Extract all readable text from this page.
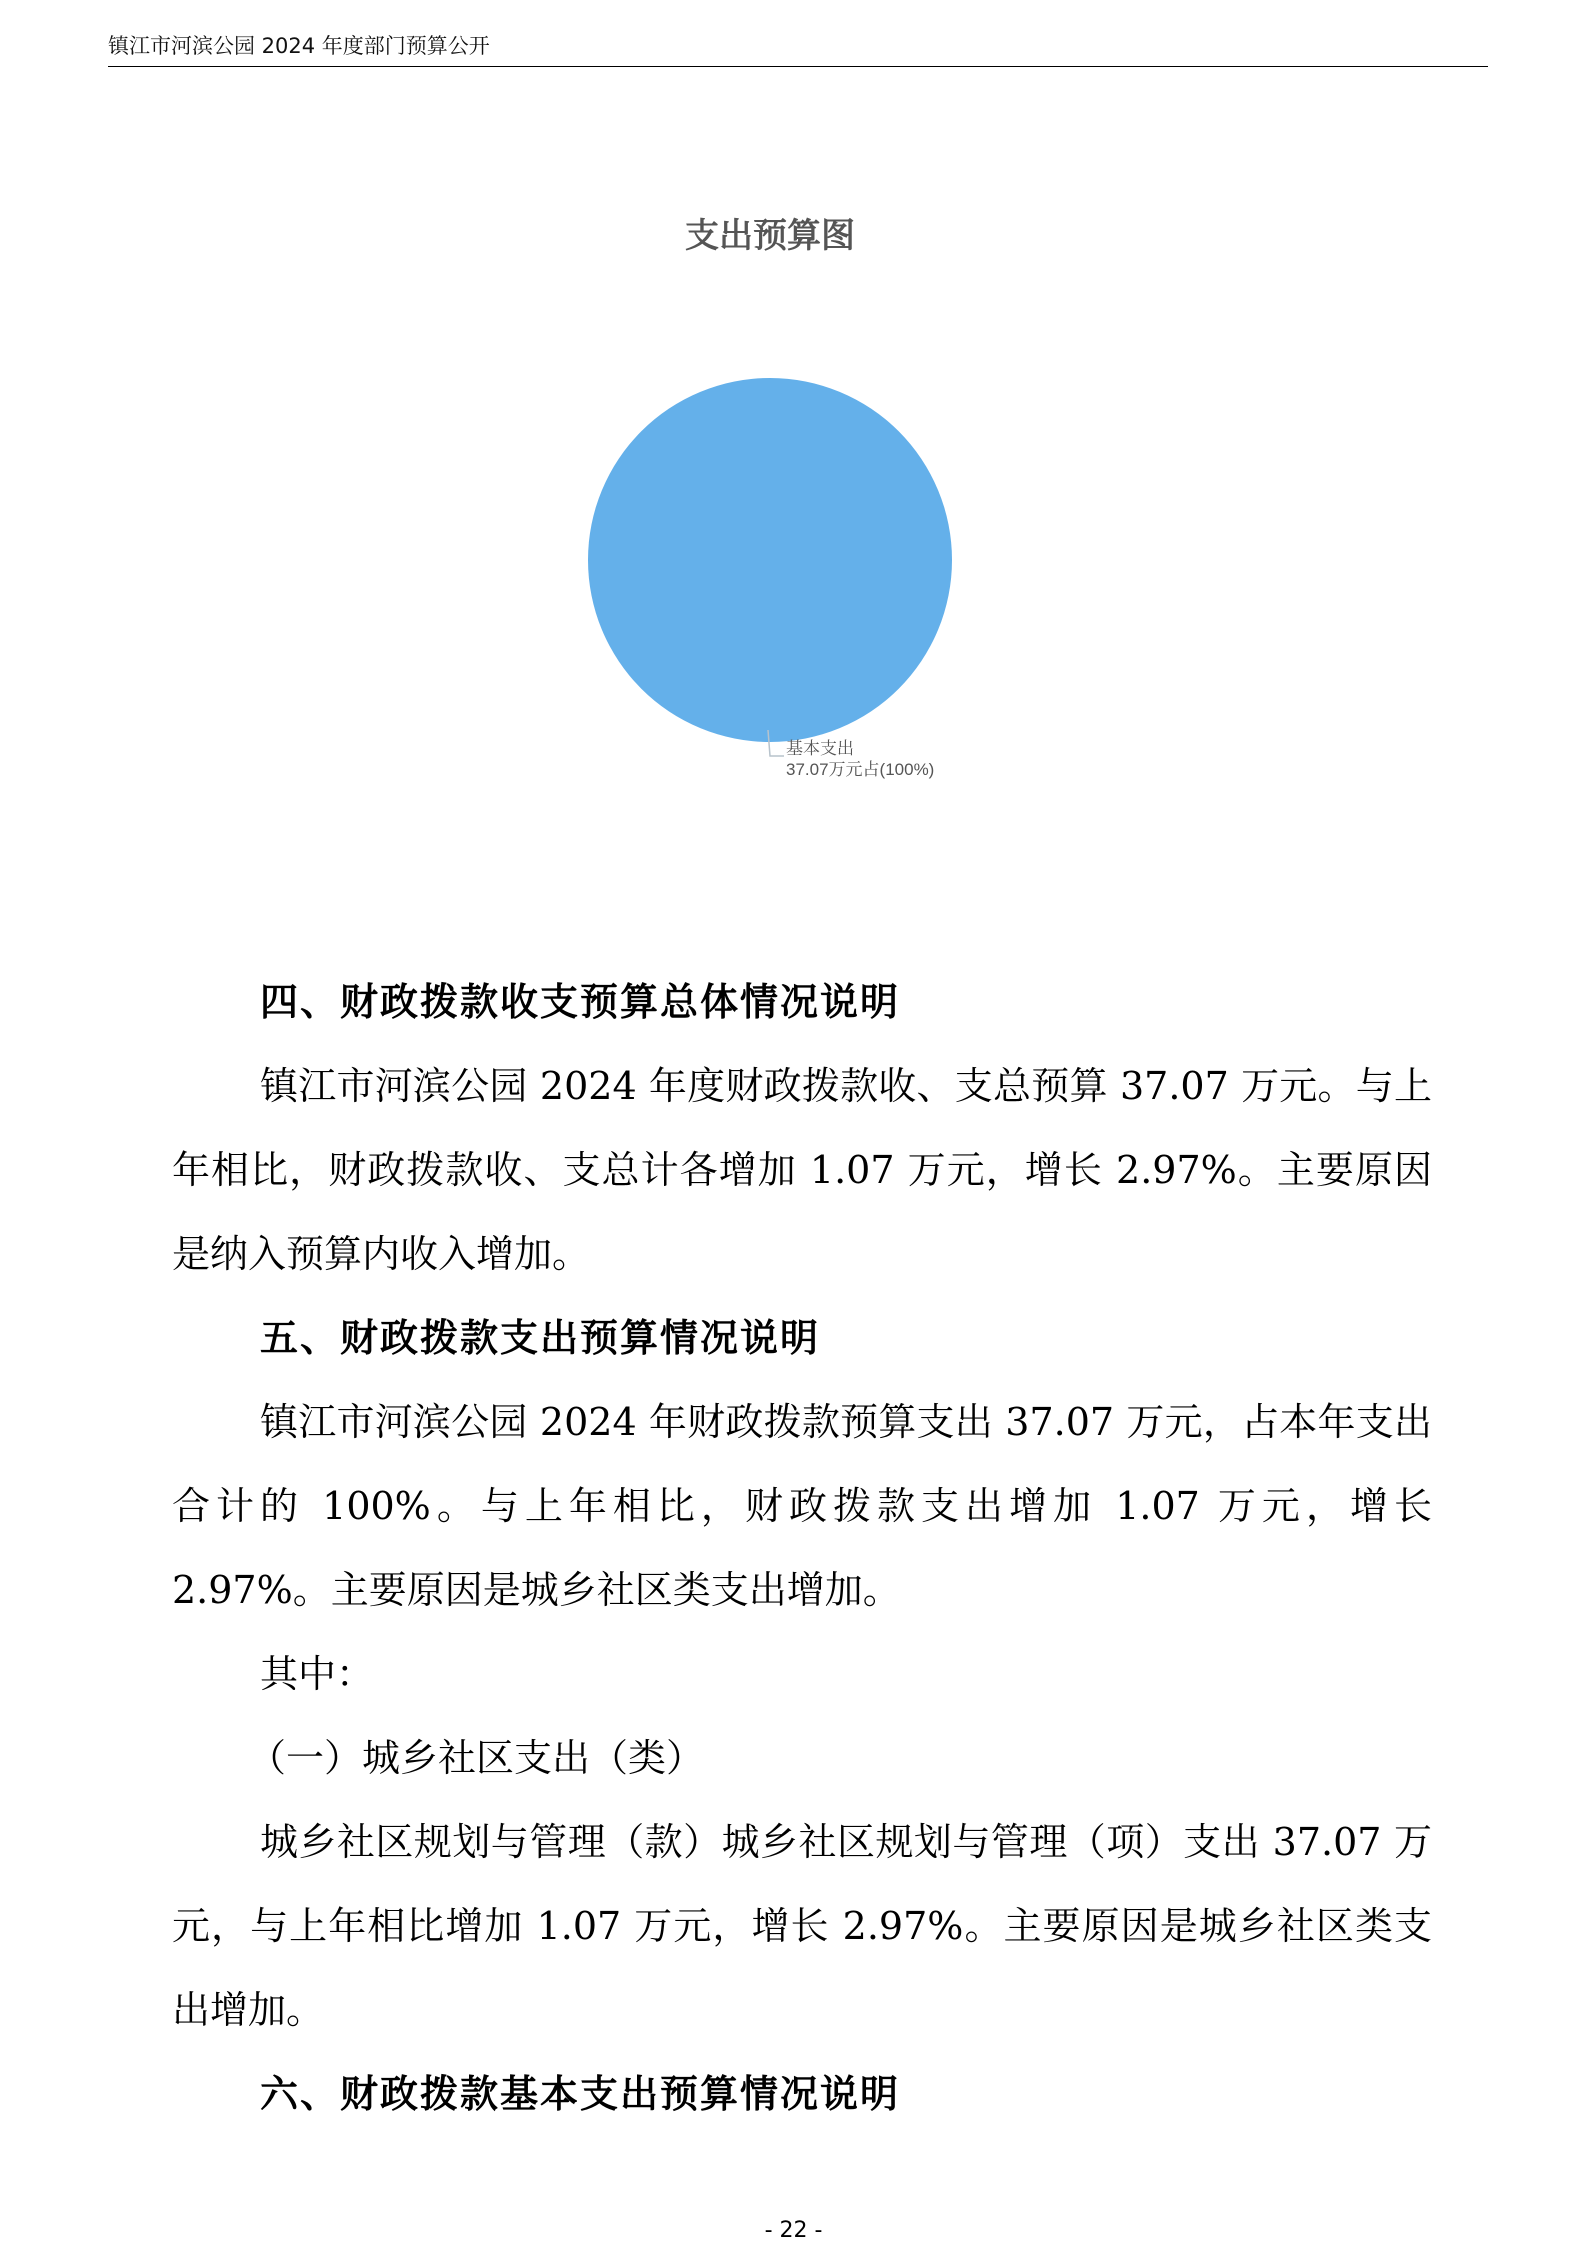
镇江市河滨公园 2024 年度部门预算公开
支出预算图
基本支出
37.07万元占(100%)

四、财政拨款收支预算总体情况说明

镇江市河滨公园 2024 年度财政拨款收、支总预算 37.07 万元。与上年相比，财政拨款收、支总计各增加 1.07 万元，增长 2.97%。主要原因是纳入预算内收入增加。

五、财政拨款支出预算情况说明

镇江市河滨公园 2024 年财政拨款预算支出 37.07 万元，占本年支出合计的 100%。与上年相比，财政拨款支出增加 1.07 万元，增长 2.97%。主要原因是城乡社区类支出增加。

其中：

（一）城乡社区支出（类）

城乡社区规划与管理（款）城乡社区规划与管理（项）支出 37.07 万元，与上年相比增加 1.07 万元，增长 2.97%。主要原因是城乡社区类支出增加。

六、财政拨款基本支出预算情况说明

- 22 -
